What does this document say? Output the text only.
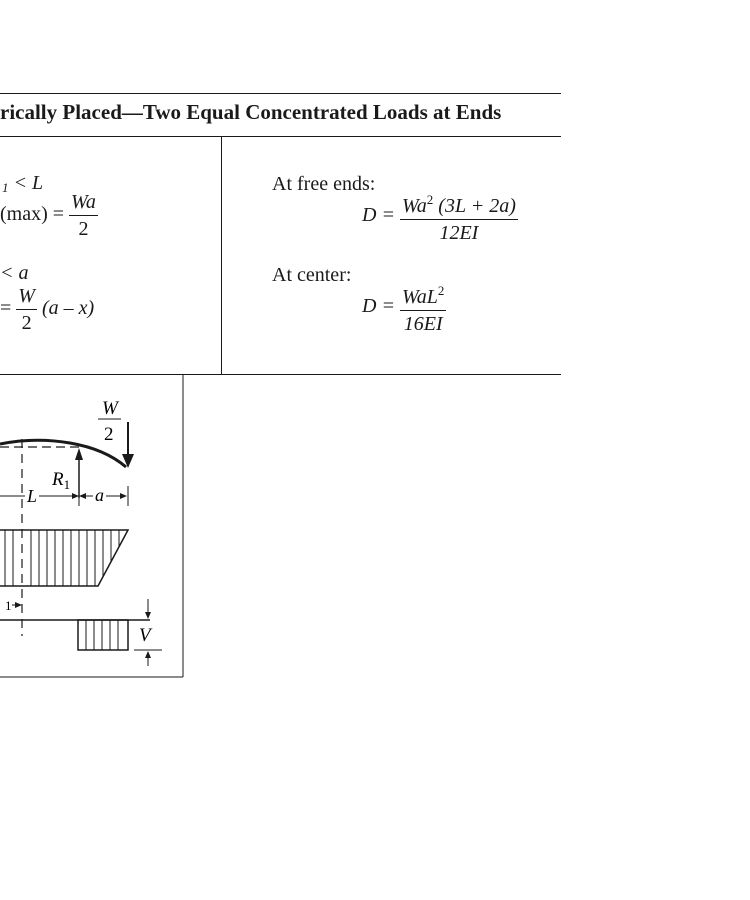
rically Placed—Two Equal Concentrated Loads at Ends
$_1$ < L
$(\max) = \frac{Wa}{2}$
< a
= $\frac{W}{2} (a - x)$
At free ends:
$D = \frac{Wa^2 (3L + 2a)}{12EI}$
At center:
$D = \frac{WaL^2}{16EI}$
W
2
$R_1$
L	a
1
V
